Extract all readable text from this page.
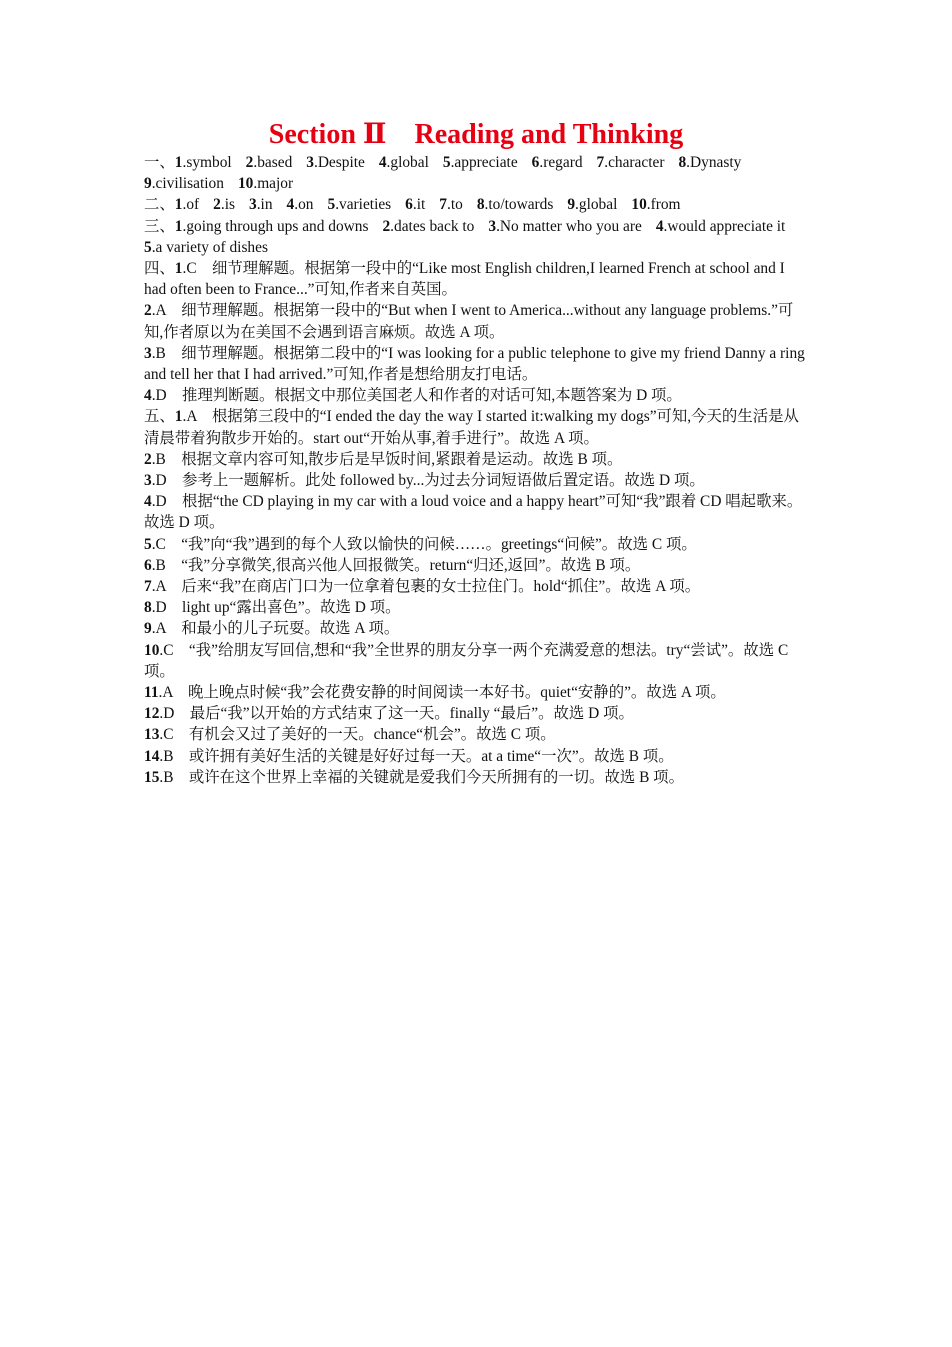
Section Ⅱ　Reading and Thinking
一、1.symbol 2.based 3.Despite 4.global 5.appreciate 6.regard 7.character 8.Dynasty
9.civilisation 10.major
二、1.of 2.is 3.in 4.on 5.varieties 6.it 7.to 8.to/towards 9.global 10.from
三、1.going through ups and downs 2.dates back to 3.No matter who you are 4.would appreciate it5.a variety of dishes
四、1.C　细节理解题。根据第一段中的“Like most English children,I learned French at school and I had often been to France...”可知,作者来自英国。
2.A　细节理解题。根据第一段中的“But when I went to America...without any language problems.”可知,作者原以为在美国不会遇到语言麻烦。故选 A 项。
3.B　细节理解题。根据第二段中的“I was looking for a public telephone to give my friend Danny a ring and tell her that I had arrived.”可知,作者是想给朋友打电话。
4.D　推理判断题。根据文中那位美国老人和作者的对话可知,本题答案为 D 项。
五、1.A　根据第三段中的“I ended the day the way I started it:walking my dogs”可知,今天的生活是从清晨带着狗散步开始的。start out“开始从事,着手进行”。故选 A 项。
2.B　根据文章内容可知,散步后是早饭时间,紧跟着是运动。故选 B 项。
3.D　参考上一题解析。此处 followed by...为过去分词短语做后置定语。故选 D 项。
4.D　根据“the CD playing in my car with a loud voice and a happy heart”可知“我”跟着 CD 唱起歌来。故选 D 项。
5.C　“我”向“我”遇到的每个人致以愉快的问候……。greetings“问候”。故选 C 项。
6.B　“我”分享微笑,很高兴他人回报微笑。return“归还,返回”。故选 B 项。
7.A　后来“我”在商店门口为一位拿着包裹的女士拉住门。hold“抓住”。故选 A 项。
8.D　light up“露出喜色”。故选 D 项。
9.A　和最小的儿子玩耍。故选 A 项。
10.C　“我”给朋友写回信,想和“我”全世界的朋友分享一两个充满爱意的想法。try“尝试”。故选 C 项。
11.A　晚上晚点时候“我”会花费安静的时间阅读一本好书。quiet“安静的”。故选 A 项。
12.D　最后“我”以开始的方式结束了这一天。finally “最后”。故选 D 项。
13.C　有机会又过了美好的一天。chance“机会”。故选 C 项。
14.B　或许拥有美好生活的关键是好好过每一天。at a time“一次”。故选 B 项。
15.B　或许在这个世界上幸福的关键就是爱我们今天所拥有的一切。故选 B 项。
